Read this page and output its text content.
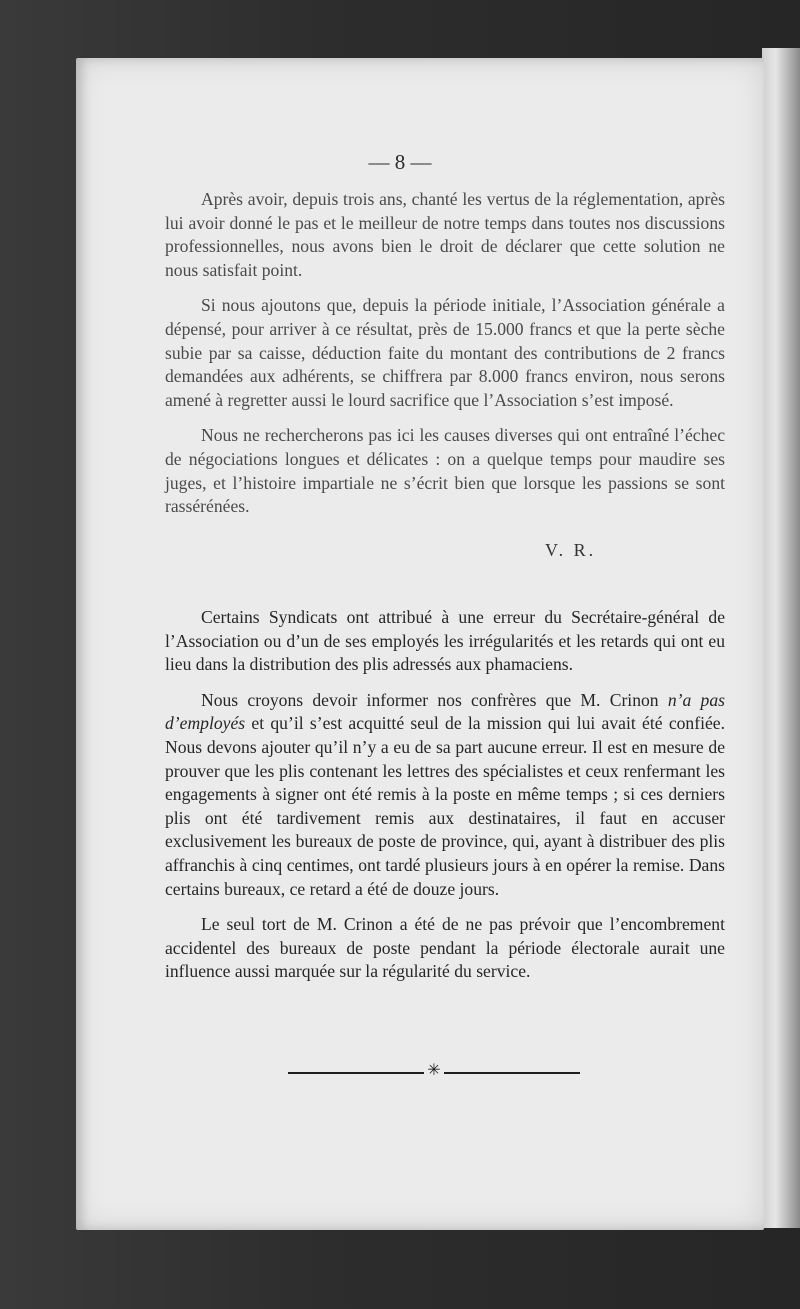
— 8 —

Après avoir, depuis trois ans, chanté les vertus de la réglementation, après lui avoir donné le pas et le meilleur de notre temps dans toutes nos discussions professionnelles, nous avons bien le droit de déclarer que cette solution ne nous satisfait point.

Si nous ajoutons que, depuis la période initiale, l’Association générale a dépensé, pour arriver à ce résultat, près de 15.000 francs et que la perte sèche subie par sa caisse, déduction faite du montant des contributions de 2 francs demandées aux adhérents, se chiffrera par 8.000 francs environ, nous serons amené à regretter aussi le lourd sacrifice que l’Association s’est imposé.

Nous ne rechercherons pas ici les causes diverses qui ont entraîné l’échec de négociations longues et délicates : on a quelque temps pour maudire ses juges, et l’histoire impartiale ne s’écrit bien que lorsque les passions se sont rassérénées.

V. R.

Certains Syndicats ont attribué à une erreur du Secrétaire-général de l’Association ou d’un de ses employés les irrégularités et les retards qui ont eu lieu dans la distribution des plis adressés aux phamaciens.

Nous croyons devoir informer nos confrères que M. Crinon n’a pas d’employés et qu’il s’est acquitté seul de la mission qui lui avait été confiée. Nous devons ajouter qu’il n’y a eu de sa part aucune erreur. Il est en mesure de prouver que les plis contenant les lettres des spécialistes et ceux renfermant les engagements à signer ont été remis à la poste en même temps ; si ces derniers plis ont été tardivement remis aux destinataires, il faut en accuser exclusivement les bureaux de poste de province, qui, ayant à distribuer des plis affranchis à cinq centimes, ont tardé plusieurs jours à en opérer la remise. Dans certains bureaux, ce retard a été de douze jours.

Le seul tort de M. Crinon a été de ne pas prévoir que l’encombrement accidentel des bureaux de poste pendant la période électorale aurait une influence aussi marquée sur la régularité du service.

✳
